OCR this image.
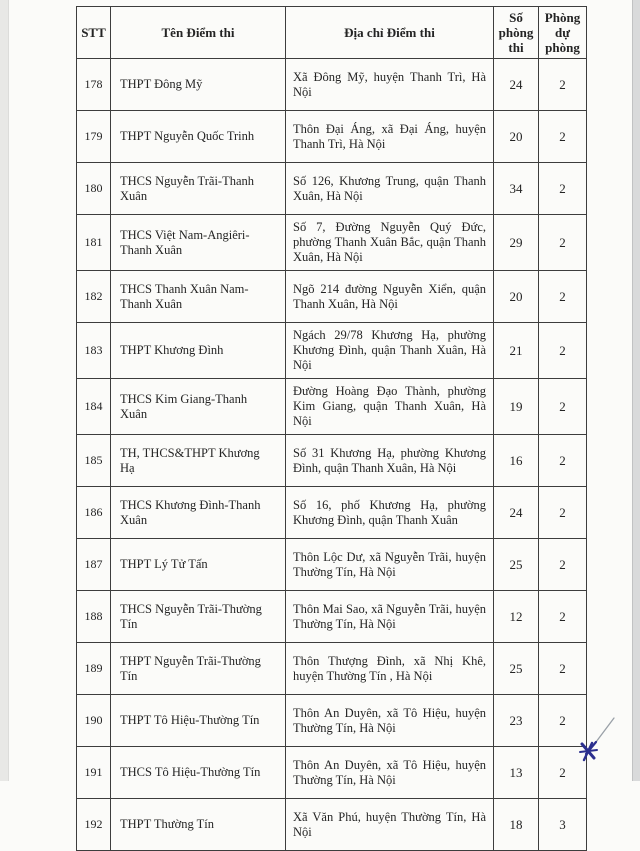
STT	Tên Điểm thi	Địa chỉ Điểm thi	Số phòng thi	Phòng dự phòng
178	THPT Đông Mỹ	Xã Đông Mỹ, huyện Thanh Trì, Hà Nội	24	2
179	THPT Nguyễn Quốc Trinh	Thôn Đại Áng, xã Đại Áng, huyện Thanh Trì, Hà Nội	20	2
180	THCS Nguyễn Trãi-Thanh Xuân	Số 126, Khương Trung, quận Thanh Xuân, Hà Nội	34	2
181	THCS Việt Nam-Angiêri-Thanh Xuân	Số 7, Đường Nguyễn Quý Đức, phường Thanh Xuân Bắc, quận Thanh Xuân, Hà Nội	29	2
182	THCS Thanh Xuân Nam-Thanh Xuân	Ngõ 214 đường Nguyễn Xiển, quận Thanh Xuân, Hà Nội	20	2
183	THPT Khương Đình	Ngách 29/78 Khương Hạ, phường Khương Đình, quận Thanh Xuân, Hà Nội	21	2
184	THCS Kim Giang-Thanh Xuân	Đường Hoàng Đạo Thành, phường Kim Giang, quận Thanh Xuân, Hà Nội	19	2
185	TH, THCS&THPT Khương Hạ	Số 31 Khương Hạ, phường Khương Đình, quận Thanh Xuân, Hà Nội	16	2
186	THCS Khương Đình-Thanh Xuân	Số 16, phố Khương Hạ, phường Khương Đình, quận Thanh Xuân	24	2
187	THPT Lý Tử Tấn	Thôn Lộc Dư, xã Nguyễn Trãi, huyện Thường Tín, Hà Nội	25	2
188	THCS Nguyễn Trãi-Thường Tín	Thôn Mai Sao, xã Nguyễn Trãi, huyện Thường Tín, Hà Nội	12	2
189	THPT Nguyễn Trãi-Thường Tín	Thôn Thượng Đình, xã Nhị Khê, huyện Thường Tín , Hà Nội	25	2
190	THPT Tô Hiệu-Thường Tín	Thôn An Duyên, xã Tô Hiệu, huyện Thường Tín, Hà Nội	23	2
191	THCS Tô Hiệu-Thường Tín	Thôn An Duyên, xã Tô Hiệu, huyện Thường Tín, Hà Nội	13	2
192	THPT Thường Tín	Xã Văn Phú, huyện Thường Tín, Hà Nội	18	3
